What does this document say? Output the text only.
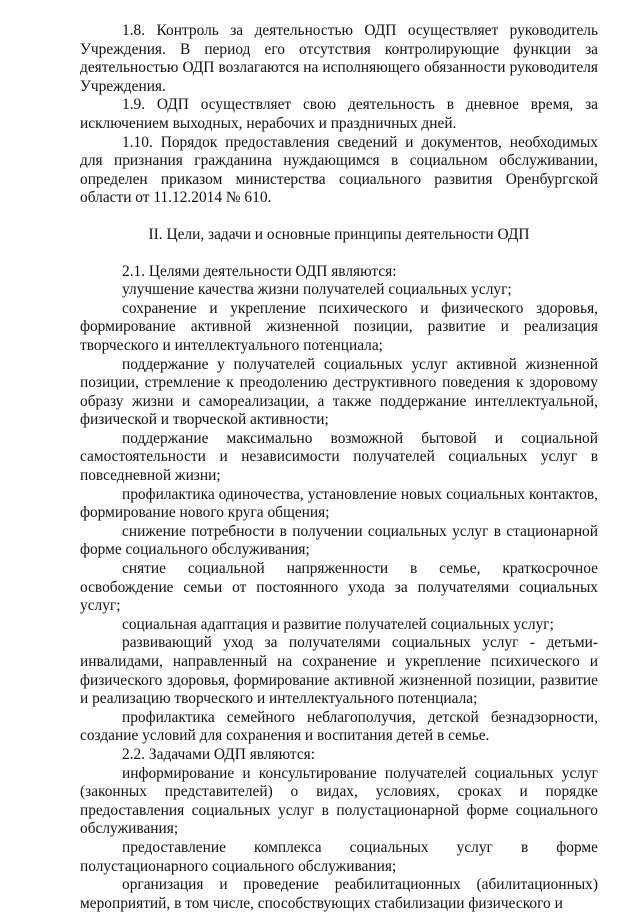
1.8. Контроль за деятельностью ОДП осуществляет руководитель Учреждения. В период его отсутствия контролирующие функции за деятельностью ОДП возлагаются на исполняющего обязанности руководителя Учреждения.

1.9. ОДП осуществляет свою деятельность в дневное время, за исключением выходных, нерабочих и праздничных дней.

1.10. Порядок предоставления сведений и документов, необходимых для признания гражданина нуждающимся в социальном обслуживании, определен приказом министерства социального развития Оренбургской области от 11.12.2014 № 610.

II. Цели, задачи и основные принципы деятельности ОДП

2.1. Целями деятельности ОДП являются:

улучшение качества жизни получателей социальных услуг;

сохранение и укрепление психического и физического здоровья, формирование активной жизненной позиции, развитие и реализация творческого и интеллектуального потенциала;

поддержание у получателей социальных услуг активной жизненной позиции, стремление к преодолению деструктивного поведения к здоровому образу жизни и самореализации, а также поддержание интеллектуальной, физической и творческой активности;

поддержание максимально возможной бытовой и социальной самостоятельности и независимости получателей социальных услуг в повседневной жизни;

профилактика одиночества, установление новых социальных контактов, формирование нового круга общения;

снижение потребности в получении социальных услуг в стационарной форме социального обслуживания;

снятие социальной напряженности в семье, краткосрочное освобождение семьи от постоянного ухода за получателями социальных услуг;

социальная адаптация и развитие получателей социальных услуг;

развивающий уход за получателями социальных услуг - детьми-инвалидами, направленный на сохранение и укрепление психического и физического здоровья, формирование активной жизненной позиции, развитие и реализацию творческого и интеллектуального потенциала;

профилактика семейного неблагополучия, детской безнадзорности, создание условий для сохранения и воспитания детей в семье.

2.2. Задачами ОДП являются:

информирование и консультирование получателей социальных услуг (законных представителей) о видах, условиях, сроках и порядке предоставления социальных услуг в полустационарной форме социального обслуживания;

предоставление комплекса социальных услуг в форме полустационарного социального обслуживания;

организация и проведение реабилитационных (абилитационных) мероприятий, в том числе, способствующих стабилизации физического и
